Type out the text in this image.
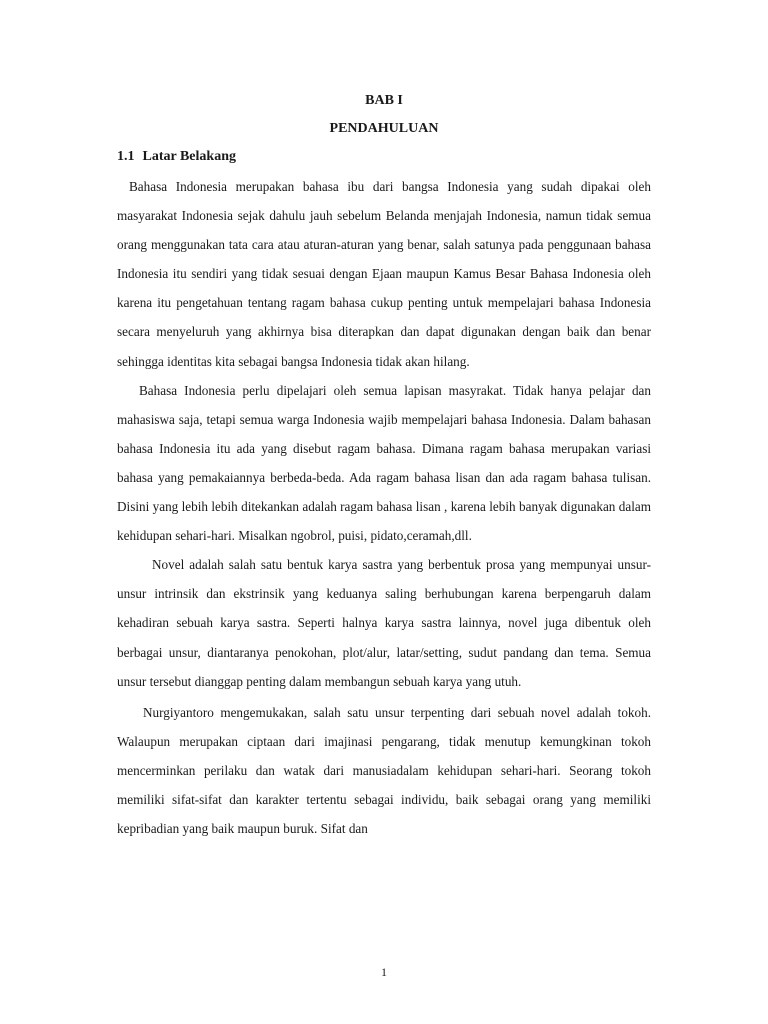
BAB I
PENDAHULUAN
1.1 Latar Belakang

Bahasa Indonesia merupakan bahasa ibu dari bangsa Indonesia yang sudah dipakai oleh masyarakat Indonesia sejak dahulu jauh sebelum Belanda menjajah Indonesia, namun tidak semua orang menggunakan tata cara atau aturan-aturan yang benar, salah satunya pada penggunaan bahasa Indonesia itu sendiri yang tidak sesuai dengan Ejaan maupun Kamus Besar Bahasa Indonesia oleh karena itu pengetahuan tentang ragam bahasa cukup penting untuk mempelajari bahasa Indonesia secara menyeluruh yang akhirnya bisa diterapkan dan dapat digunakan dengan baik dan benar sehingga identitas kita sebagai bangsa Indonesia tidak akan hilang.

Bahasa Indonesia perlu dipelajari oleh semua lapisan masyrakat. Tidak hanya pelajar dan mahasiswa saja, tetapi semua warga Indonesia wajib mempelajari bahasa Indonesia. Dalam bahasan bahasa Indonesia itu ada yang disebut ragam bahasa. Dimana ragam bahasa merupakan variasi bahasa yang pemakaiannya berbeda-beda. Ada ragam bahasa lisan dan ada ragam bahasa tulisan. Disini yang lebih lebih ditekankan adalah ragam bahasa lisan , karena lebih banyak digunakan dalam kehidupan sehari-hari. Misalkan ngobrol, puisi, pidato,ceramah,dll.

Novel adalah salah satu bentuk karya sastra yang berbentuk prosa yang mempunyai unsur-unsur intrinsik dan ekstrinsik yang keduanya saling berhubungan karena berpengaruh dalam kehadiran sebuah karya sastra. Seperti halnya karya sastra lainnya, novel juga dibentuk oleh berbagai unsur, diantaranya penokohan, plot/alur, latar/setting, sudut pandang dan tema. Semua unsur tersebut dianggap penting dalam membangun sebuah karya yang utuh.

Nurgiyantoro mengemukakan, salah satu unsur terpenting dari sebuah novel adalah tokoh. Walaupun merupakan ciptaan dari imajinasi pengarang, tidak menutup kemungkinan tokoh mencerminkan perilaku dan watak dari manusiadalam kehidupan sehari-hari. Seorang tokoh memiliki sifat-sifat dan karakter tertentu sebagai individu, baik sebagai orang yang memiliki kepribadian yang baik maupun buruk. Sifat dan

1
